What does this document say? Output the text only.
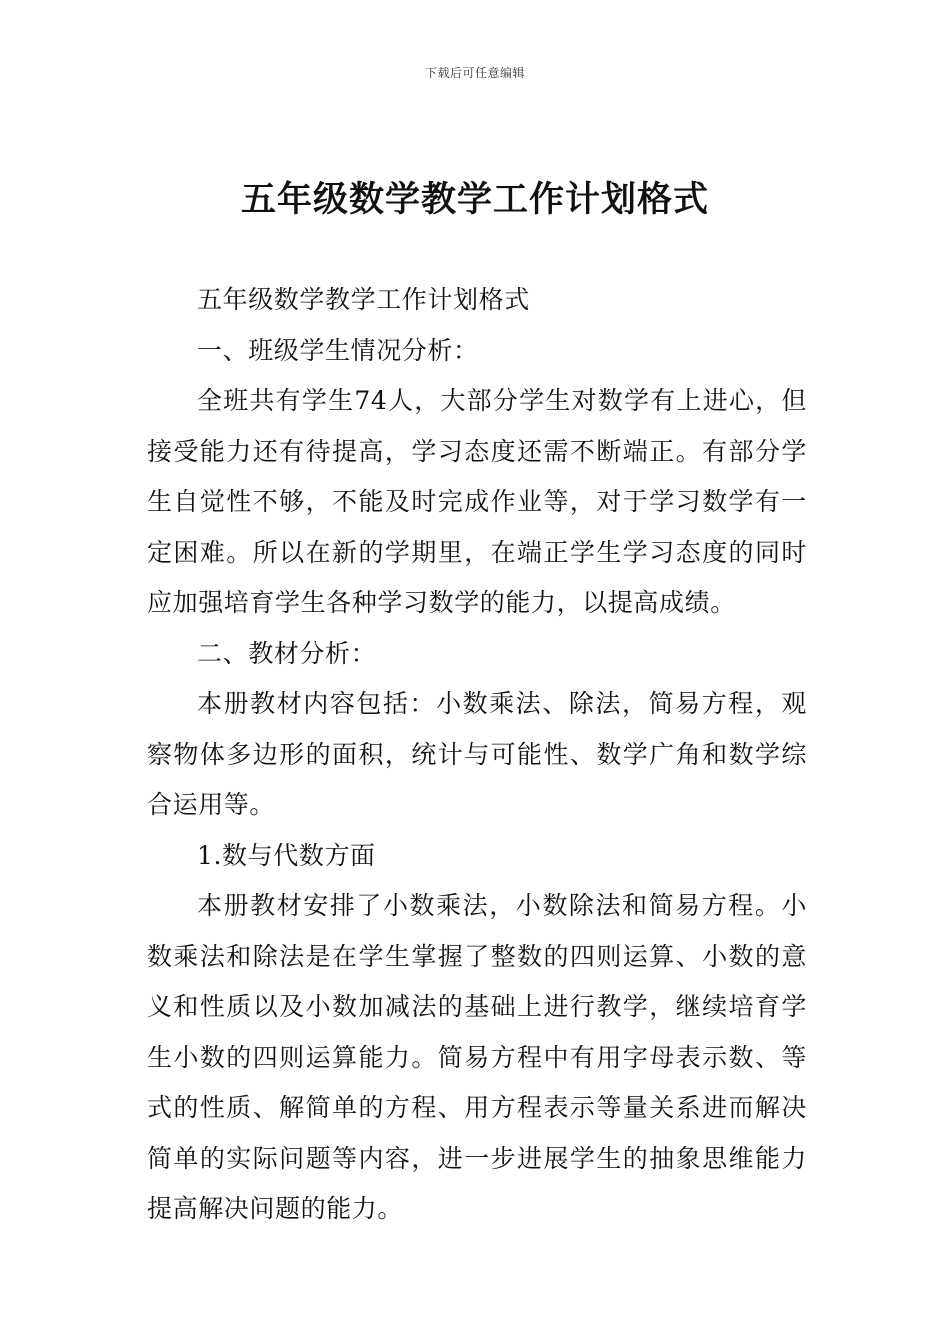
下载后可任意编辑
五年级数学教学工作计划格式

五年级数学教学工作计划格式

一、班级学生情况分析：

全班共有学生74人，大部分学生对数学有上进心，但接受能力还有待提高，学习态度还需不断端正。有部分学生自觉性不够，不能及时完成作业等，对于学习数学有一定困难。所以在新的学期里，在端正学生学习态度的同时应加强培育学生各种学习数学的能力，以提高成绩。

二、教材分析：

本册教材内容包括：小数乘法、除法，简易方程，观察物体多边形的面积，统计与可能性、数学广角和数学综合运用等。

1.数与代数方面

本册教材安排了小数乘法，小数除法和简易方程。小数乘法和除法是在学生掌握了整数的四则运算、小数的意义和性质以及小数加减法的基础上进行教学，继续培育学生小数的四则运算能力。简易方程中有用字母表示数、等式的性质、解简单的方程、用方程表示等量关系进而解决简单的实际问题等内容，进一步进展学生的抽象思维能力提高解决问题的能力。
